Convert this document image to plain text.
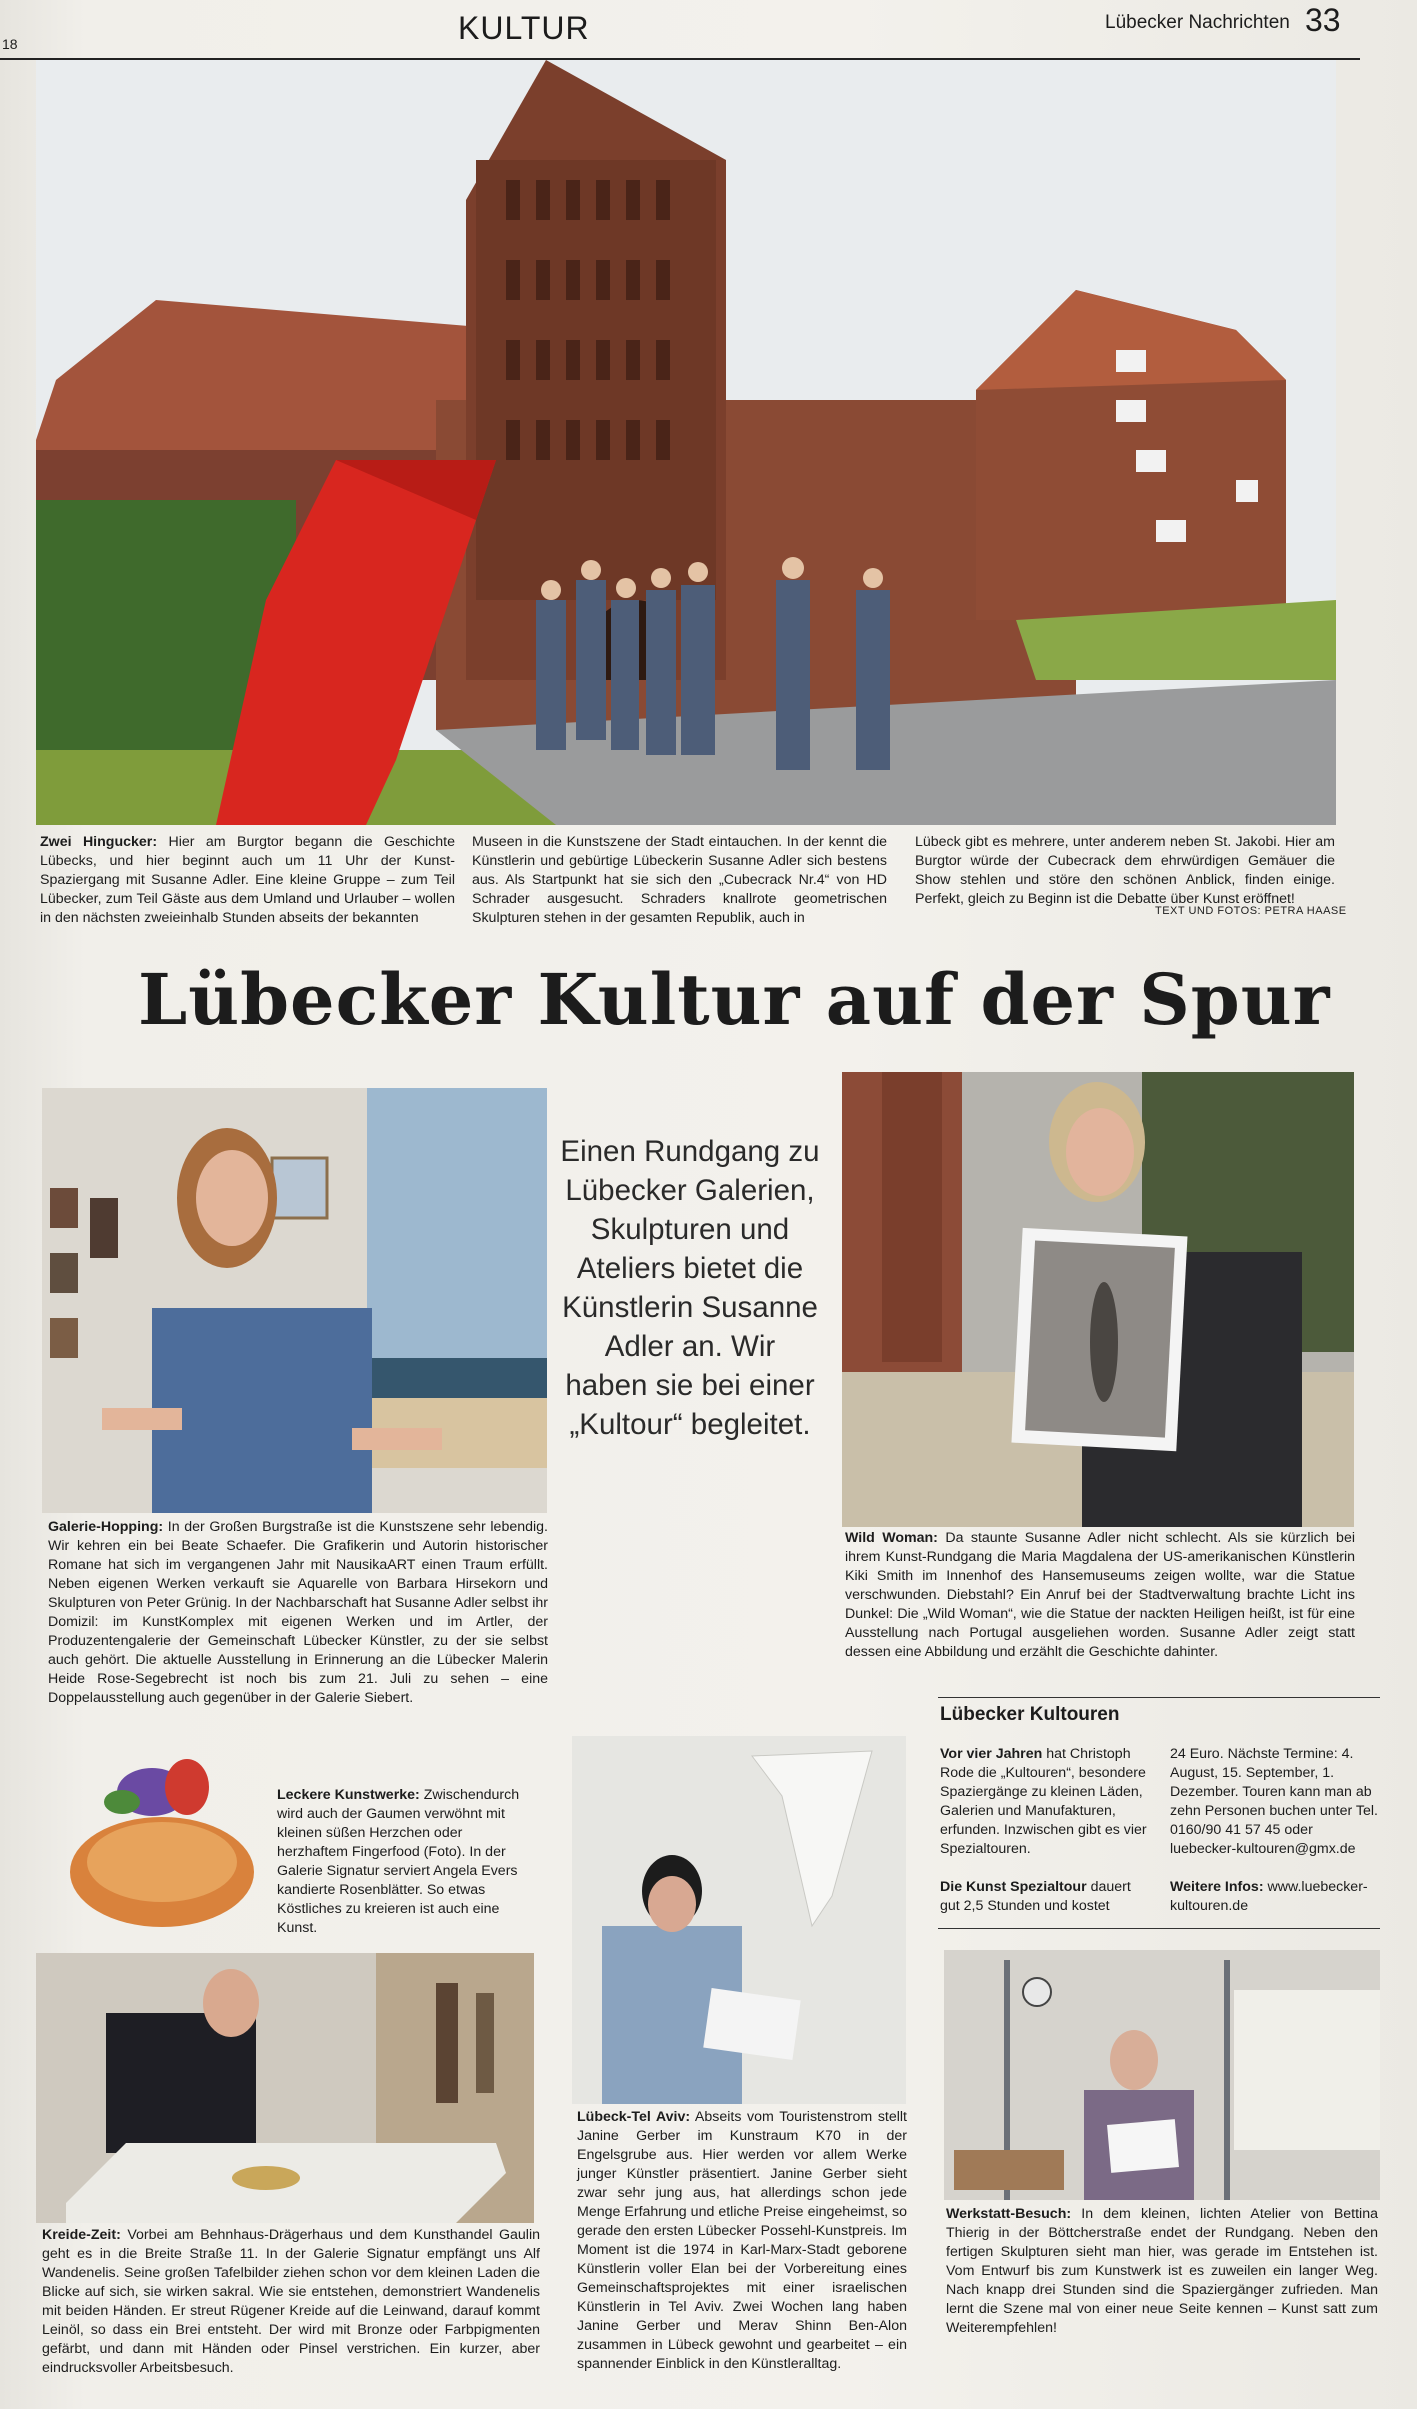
18	KULTUR	Lübecker Nachrichten 33
Zwei Hingucker: Hier am Burgtor begann die Geschichte Lübecks, und hier beginnt auch um 11 Uhr der Kunst-Spaziergang mit Susanne Adler. Eine kleine Gruppe – zum Teil Lübecker, zum Teil Gäste aus dem Umland und Urlauber – wollen in den nächsten zweieinhalb Stunden abseits der bekannten
Museen in die Kunstszene der Stadt eintauchen. In der kennt die Künstlerin und gebürtige Lübeckerin Susanne Adler sich bestens aus. Als Startpunkt hat sie sich den „Cubecrack Nr.4“ von HD Schrader ausgesucht. Schraders knallrote geometrischen Skulpturen stehen in der gesamten Republik, auch in
Lübeck gibt es mehrere, unter anderem neben St. Jakobi. Hier am Burgtor würde der Cubecrack dem ehrwürdigen Gemäuer die Show stehlen und störe den schönen Anblick, finden einige. Perfekt, gleich zu Beginn ist die Debatte über Kunst eröffnet!
TEXT UND FOTOS: PETRA HAASE
Lübecker Kultur auf der Spur
Galerie-Hopping: In der Großen Burgstraße ist die Kunstszene sehr lebendig. Wir kehren ein bei Beate Schaefer. Die Grafikerin und Autorin historischer Romane hat sich im vergangenen Jahr mit NausikaART einen Traum erfüllt. Neben eigenen Werken verkauft sie Aquarelle von Barbara Hirsekorn und Skulpturen von Peter Grünig. In der Nachbarschaft hat Susanne Adler selbst ihr Domizil: im KunstKomplex mit eigenen Werken und im Artler, der Produzentengalerie der Gemeinschaft Lübecker Künstler, zu der sie selbst auch gehört. Die aktuelle Ausstellung in Erinnerung an die Lübecker Malerin Heide Rose-Segebrecht ist noch bis zum 21. Juli zu sehen – eine Doppelausstellung auch gegenüber in der Galerie Siebert.
Einen Rundgang zu Lübecker Galerien, Skulpturen und Ateliers bietet die Künstlerin Susanne Adler an. Wir haben sie bei einer „Kultour“ begleitet.
Wild Woman: Da staunte Susanne Adler nicht schlecht. Als sie kürzlich bei ihrem Kunst-Rundgang die Maria Magdalena der US-amerikanischen Künstlerin Kiki Smith im Innenhof des Hansemuseums zeigen wollte, war die Statue verschwunden. Diebstahl? Ein Anruf bei der Stadtverwaltung brachte Licht ins Dunkel: Die „Wild Woman“, wie die Statue der nackten Heiligen heißt, ist für eine Ausstellung nach Portugal ausgeliehen worden. Susanne Adler zeigt statt dessen eine Abbildung und erzählt die Geschichte dahinter.
Lübecker Kultouren
Vor vier Jahren hat Christoph Rode die „Kultouren“, besondere Spaziergänge zu kleinen Läden, Galerien und Manufakturen, erfunden. Inzwischen gibt es vier Spezialtouren.

Die Kunst Spezialtour dauert gut 2,5 Stunden und kostet
24 Euro. Nächste Termine: 4. August, 15. September, 1. Dezember. Touren kann man ab zehn Personen buchen unter Tel. 0160/90 41 57 45 oder luebecker-kultouren@gmx.de

Weitere Infos: www.luebecker-kultouren.de
Leckere Kunstwerke: Zwischendurch wird auch der Gaumen verwöhnt mit kleinen süßen Herzchen oder herzhaftem Fingerfood (Foto). In der Galerie Signatur serviert Angela Evers kandierte Rosenblätter. So etwas Köstliches zu kreieren ist auch eine Kunst.
Kreide-Zeit: Vorbei am Behnhaus-Drägerhaus und dem Kunsthandel Gaulin geht es in die Breite Straße 11. In der Galerie Signatur empfängt uns Alf Wandenelis. Seine großen Tafelbilder ziehen schon vor dem kleinen Laden die Blicke auf sich, sie wirken sakral. Wie sie entstehen, demonstriert Wandenelis mit beiden Händen. Er streut Rügener Kreide auf die Leinwand, darauf kommt Leinöl, so dass ein Brei entsteht. Der wird mit Bronze oder Farbpigmenten gefärbt, und dann mit Händen oder Pinsel verstrichen. Ein kurzer, aber eindrucksvoller Arbeitsbesuch.
Lübeck-Tel Aviv: Abseits vom Touristenstrom stellt Janine Gerber im Kunstraum K70 in der Engelsgrube aus. Hier werden vor allem Werke junger Künstler präsentiert. Janine Gerber sieht zwar sehr jung aus, hat allerdings schon jede Menge Erfahrung und etliche Preise eingeheimst, so gerade den ersten Lübecker Possehl-Kunstpreis. Im Moment ist die 1974 in Karl-Marx-Stadt geborene Künstlerin voller Elan bei der Vorbereitung eines Gemeinschaftsprojektes mit einer israelischen Künstlerin in Tel Aviv. Zwei Wochen lang haben Janine Gerber und Merav Shinn Ben-Alon zusammen in Lübeck gewohnt und gearbeitet – ein spannender Einblick in den Künstleralltag.
Werkstatt-Besuch: In dem kleinen, lichten Atelier von Bettina Thierig in der Böttcherstraße endet der Rundgang. Neben den fertigen Skulpturen sieht man hier, was gerade im Entstehen ist. Vom Entwurf bis zum Kunstwerk ist es zuweilen ein langer Weg. Nach knapp drei Stunden sind die Spaziergänger zufrieden. Man lernt die Szene mal von einer neue Seite kennen – Kunst satt zum Weiterempfehlen!
